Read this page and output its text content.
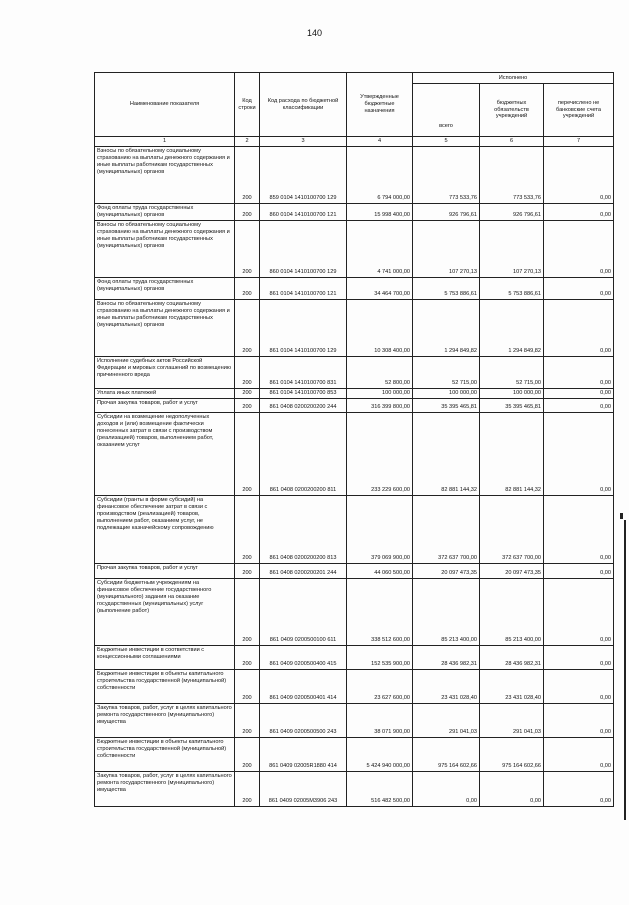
140
Наименование показателя	Код строки	Код расхода по бюджетной классификации	Утвержденные бюджетные назначения	Исполнено		
				всего	бюджетных обязательств учреждений	перечислено не банковские счета учреждений
1	2	3	4	5	6	7
Взносы по обязательному социальному страхованию на выплаты денежного содержания и иные выплаты работникам государственных (муниципальных) органов	200	859 0104 1410100700 129	6 794 000,00	773 533,76	773 533,76	0,00
Фонд оплаты труда государственных (муниципальных) органов	200	860 0104 1410100700 121	15 998 400,00	926 796,61	926 796,61	0,00
Взносы по обязательному социальному страхованию на выплаты денежного содержания и иные выплаты работникам государственных (муниципальных) органов	200	860 0104 1410100700 129	4 741 000,00	107 270,13	107 270,13	0,00
Фонд оплаты труда государственных (муниципальных) органов	200	861 0104 1410100700 121	34 464 700,00	5 753 886,61	5 753 886,61	0,00
Взносы по обязательному социальному страхованию на выплаты денежного содержания и иные выплаты работникам государственных (муниципальных) органов	200	861 0104 1410100700 129	10 308 400,00	1 294 849,82	1 294 849,82	0,00
Исполнение судебных актов Российской Федерации и мировых соглашений по возмещению причиненного вреда	200	861 0104 1410100700 831	52 800,00	52 715,00	52 715,00	0,00
Уплата иных платежей	200	861 0104 1410100700 853	100 000,00	100 000,00	100 000,00	0,00
Прочая закупка товаров, работ и услуг	200	861 0408 0200200200 244	316 399 800,00	35 395 465,81	35 395 465,81	0,00
Субсидии на возмещение недополученных доходов и (или) возмещение фактически понесенных затрат в связи с производством (реализацией) товаров, выполнением работ, оказанием услуг	200	861 0408 0200200200 811	233 229 600,00	82 881 144,32	82 881 144,32	0,00
Субсидии (гранты в форме субсидий) на финансовое обеспечение затрат в связи с производством (реализацией) товаров, выполнением работ, оказанием услуг, не подлежащие казначейскому сопровождению	200	861 0408 0200200200 813	379 069 900,00	372 637 700,00	372 637 700,00	0,00
Прочая закупка товаров, работ и услуг	200	861 0408 0200200201 244	44 060 500,00	20 097 473,35	20 097 473,35	0,00
Субсидии бюджетным учреждениям на финансовое обеспечение государственного (муниципального) задания на оказание государственных (муниципальных) услуг (выполнение работ)	200	861 0409 0200500100 611	338 512 600,00	85 213 400,00	85 213 400,00	0,00
Бюджетные инвестиции в соответствии с концессионными соглашениями	200	861 0409 0200500400 415	152 535 900,00	28 436 982,31	28 436 982,31	0,00
Бюджетные инвестиции в объекты капитального строительства государственной (муниципальной) собственности	200	861 0409 0200500401 414	23 627 600,00	23 431 028,40	23 431 028,40	0,00
Закупка товаров, работ, услуг в целях капитального ремонта государственного (муниципального) имущества	200	861 0409 0200500500 243	38 071 900,00	291 041,03	291 041,03	0,00
Бюджетные инвестиции в объекты капитального строительства государственной (муниципальной) собственности	200	861 0409 02005R1880 414	5 424 940 000,00	975 164 602,66	975 164 602,66	0,00
Закупка товаров, работ, услуг в целях капитального ремонта государственного (муниципального) имущества	200	861 0409 02005M3906 243	516 482 500,00	0,00	0,00	0,00
